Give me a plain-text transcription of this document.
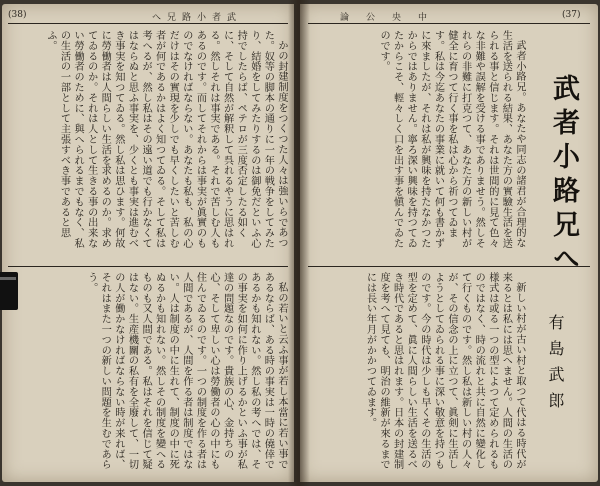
(38)	へ兄路小者武

かの封建制度をつくつた人々は強いらであつた。奴等の脚本の通りに一年の戦争をしてみたり、結婚をしてみたりするのは御免だといふ心持でしたらば、ペテロが三度否定したる如くに、そして自然が解釈して呉れるやうに思はれる。然しそれは事実である。それで苦しむ人もあるのです。而してそれからは事実が眞實のものでなければならない。あなたも私も、私の心だけはその實現を少しでも早くしたいと苦しむ者が何であるかはよく知つてゐる。そして私は考へるが、然し私はその遠い道でも行かなくてはならぬと思ふ事実を、少くとも事実は進むべき事実を知つてゐる。然し私は思ひます。何故に勞働者は人間らしい生活を求めるのか。求めてゐるのか。それは人として生きる事の出来ない勞働者のために、與へられるまでもなく、私の生活の一部として主張すべき事であると思ふ。

私の若いと云ふ事が若し本當に若い事であるならば、ある時の事実は一時の僥倖であるかも知れない。然し私の考へでは、その事実を如何に作り上げるかといふ事が私達の問題なのです。貴族の心、金持ちの心、そして卑しい心は勞働者の心の中にも住んでゐるのです。一つの制度を作る者は人間であるが、人間を作る者は制度ではない。人は制度の中に生れて、制度の中に死ぬるかも知れない。然しその制度を變へるものも又人間である。私はそれを信じて疑はない。生産機關の私有を全廢して、一切の人が働かなければならない時が来れば、それはまた一つの新しい問題を生むであらう。

論　公　央　中	(37)

武者小路兄。あなたや同志の諸君が合理的な生活を送られる結果、あなた方の實驗生活を送られる事と信じます。それは世間的に見て色々な非難や誤解を受ける事でありませう。然しそれらの非難に打克つて、あなた方の新しい村が健全に育つて行く事を私は心から祈つてゐます。私は今迄あなたの事業に就いて何も書かずに來ましたが、それは私が興味を持たなかつたからではありません。寧ろ深い興味を持つてゐたからこそ、輕々しく口を出す事を愼んでゐたのです。

武者小路兄へ

新しい村が古い村と取つて代はる時代が来るとは私には思へません。人間の生活の様式は或る一つの型によつて定められるものではなく、時の流れと共に自然に變化して行くものです。然し私は新しい村の人々が、その信念の上に立つて、眞剣に生活しようとしてゐられる事に深い敬意を持つものです。今の時代は少しも早くその生活の型を定めて、眞に人間らしい生活を送るべき時代であると思はれます。日本の封建制度を考へて見ても、明治の維新が來るまでには長い年月がかかつてゐます。	有島武郎
